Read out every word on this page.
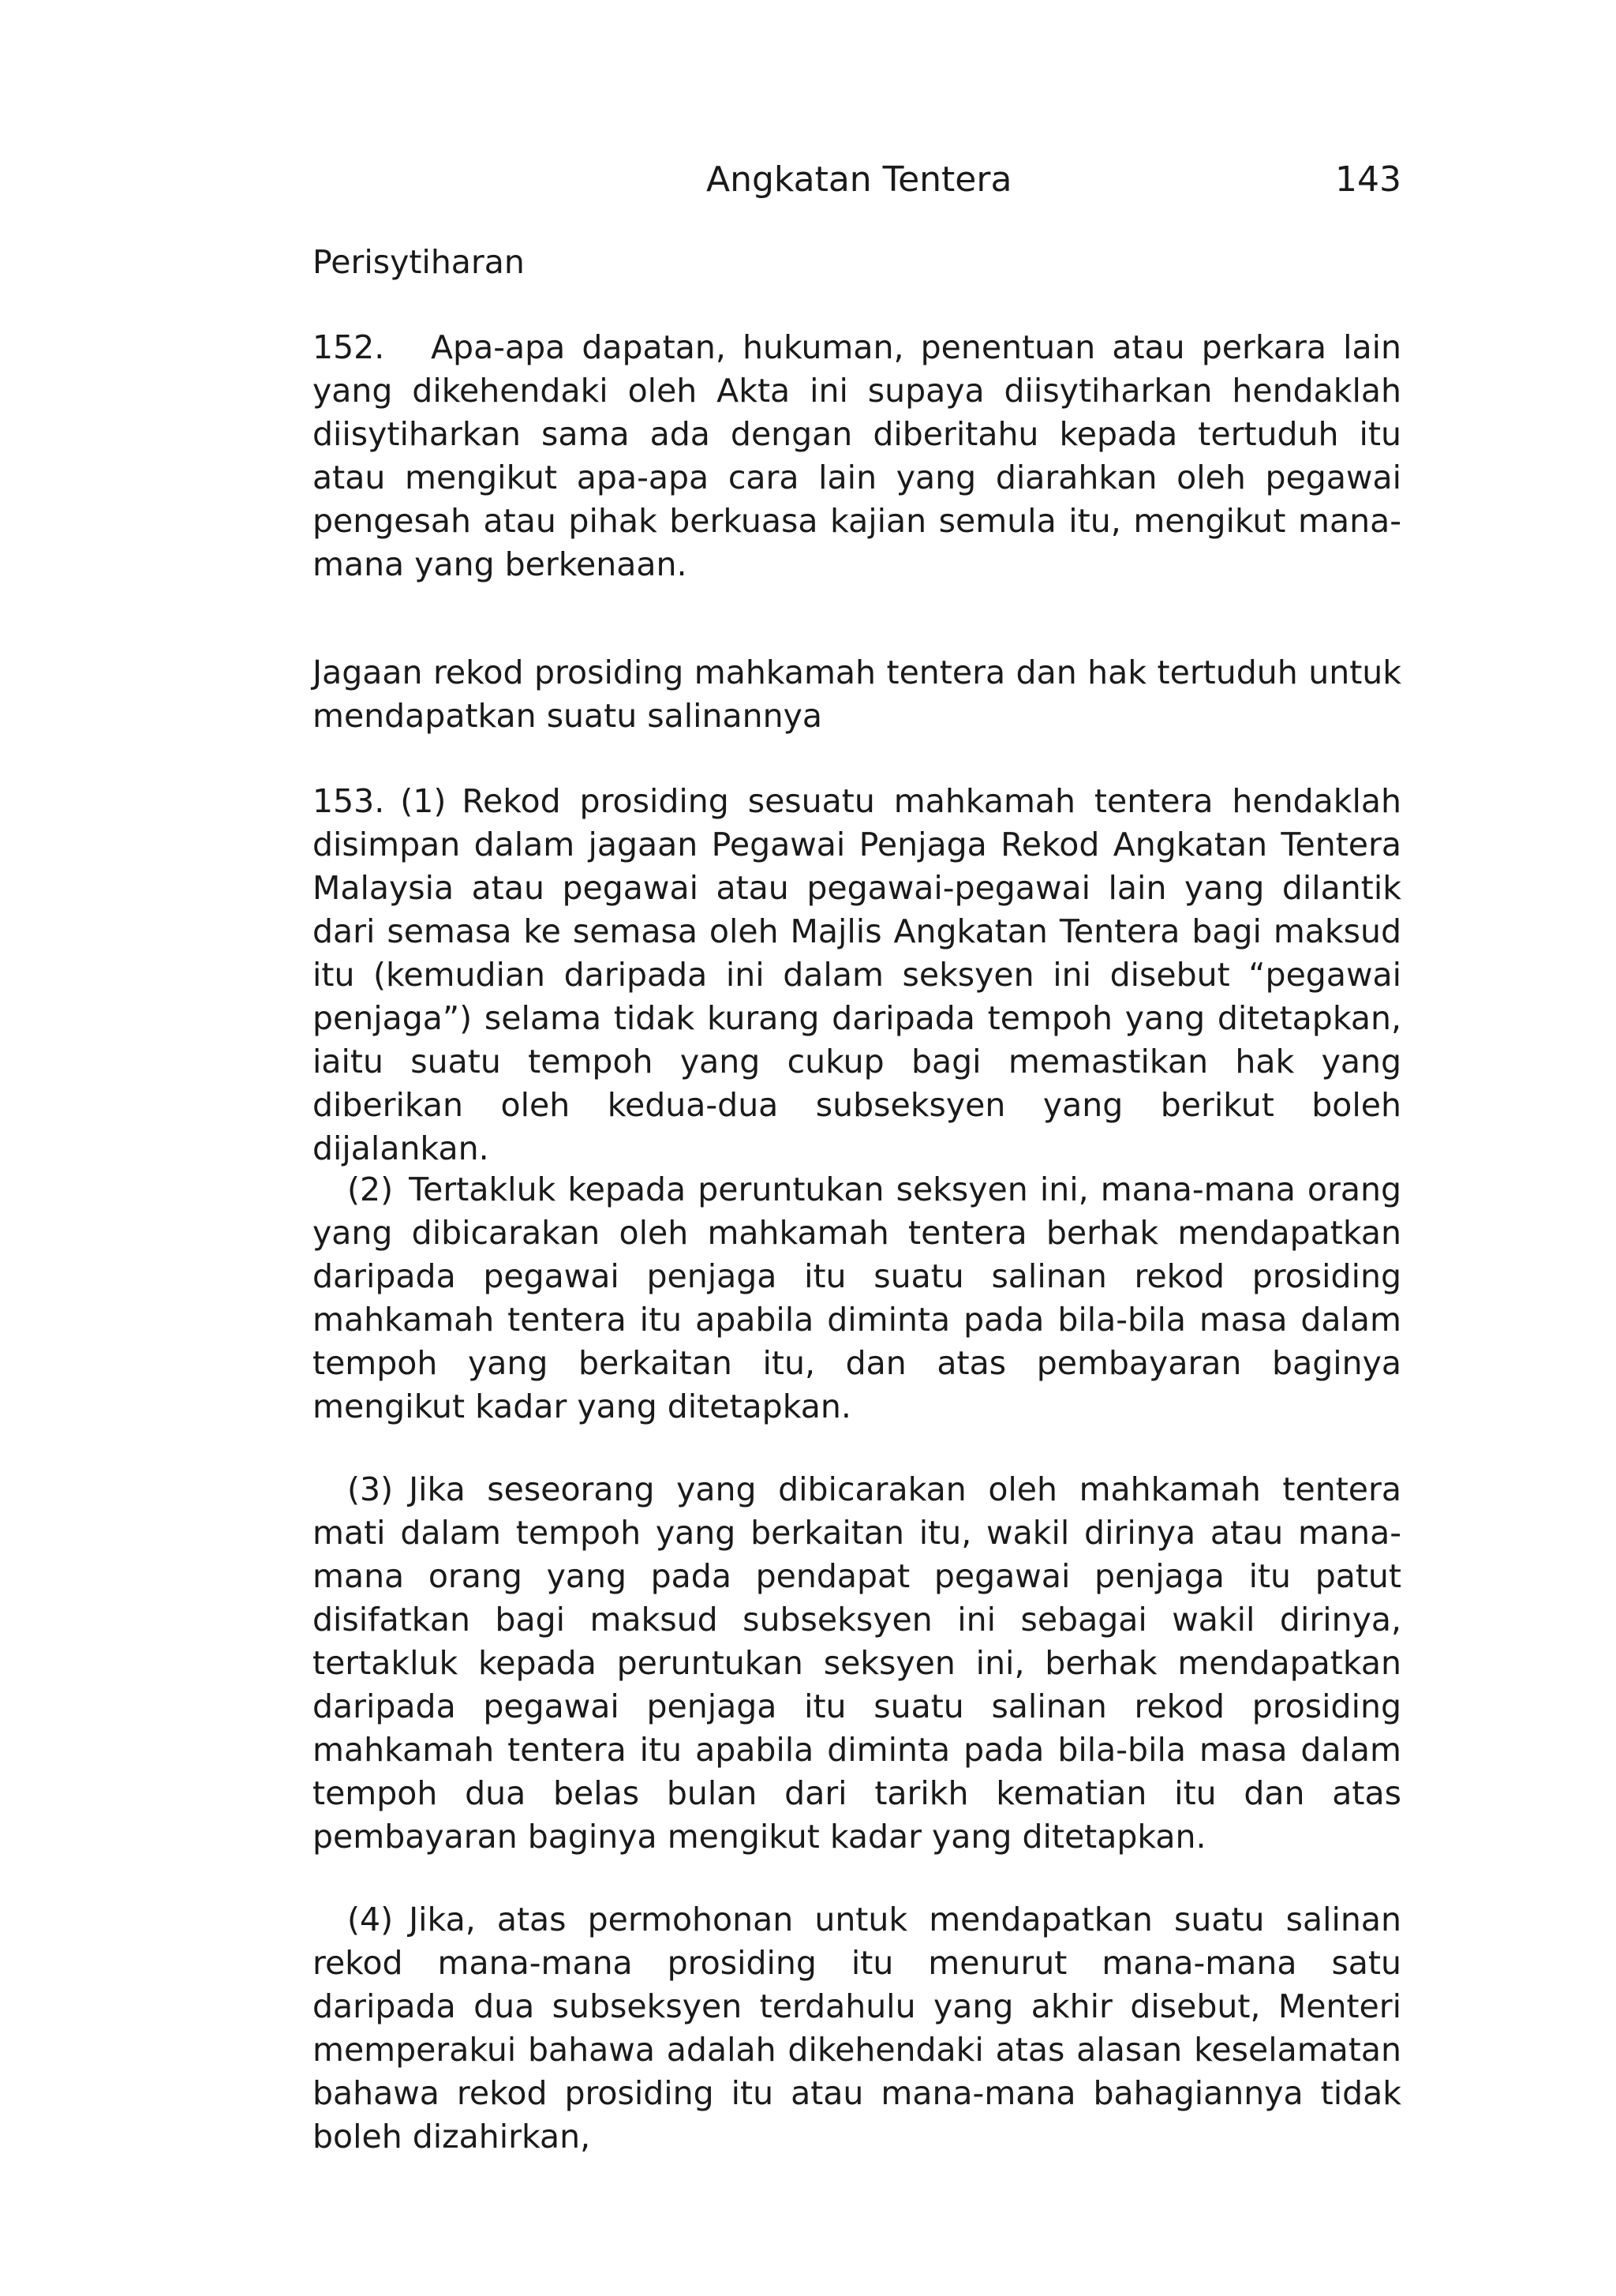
Angkatan Tentera	143
Perisytiharan

152. Apa-apa dapatan, hukuman, penentuan atau perkara lain yang dikehendaki oleh Akta ini supaya diisytiharkan hendaklah diisytiharkan sama ada dengan diberitahu kepada tertuduh itu atau mengikut apa-apa cara lain yang diarahkan oleh pegawai pengesah atau pihak berkuasa kajian semula itu, mengikut mana-mana yang berkenaan.

Jagaan rekod prosiding mahkamah tentera dan hak tertuduh untuk mendapatkan suatu salinannya

153. (1) Rekod prosiding sesuatu mahkamah tentera hendaklah disimpan dalam jagaan Pegawai Penjaga Rekod Angkatan Tentera Malaysia atau pegawai atau pegawai-pegawai lain yang dilantik dari semasa ke semasa oleh Majlis Angkatan Tentera bagi maksud itu (kemudian daripada ini dalam seksyen ini disebut “pegawai penjaga”) selama tidak kurang daripada tempoh yang ditetapkan, iaitu suatu tempoh yang cukup bagi memastikan hak yang diberikan oleh kedua-dua subseksyen yang berikut boleh dijalankan.

(2) Tertakluk kepada peruntukan seksyen ini, mana-mana orang yang dibicarakan oleh mahkamah tentera berhak mendapatkan daripada pegawai penjaga itu suatu salinan rekod prosiding mahkamah tentera itu apabila diminta pada bila-bila masa dalam tempoh yang berkaitan itu, dan atas pembayaran baginya mengikut kadar yang ditetapkan.

(3) Jika seseorang yang dibicarakan oleh mahkamah tentera mati dalam tempoh yang berkaitan itu, wakil dirinya atau mana-mana orang yang pada pendapat pegawai penjaga itu patut disifatkan bagi maksud subseksyen ini sebagai wakil dirinya, tertakluk kepada peruntukan seksyen ini, berhak mendapatkan daripada pegawai penjaga itu suatu salinan rekod prosiding mahkamah tentera itu apabila diminta pada bila-bila masa dalam tempoh dua belas bulan dari tarikh kematian itu dan atas pembayaran baginya mengikut kadar yang ditetapkan.

(4) Jika, atas permohonan untuk mendapatkan suatu salinan rekod mana-mana prosiding itu menurut mana-mana satu daripada dua subseksyen terdahulu yang akhir disebut, Menteri memperakui bahawa adalah dikehendaki atas alasan keselamatan bahawa rekod prosiding itu atau mana-mana bahagiannya tidak boleh dizahirkan,
